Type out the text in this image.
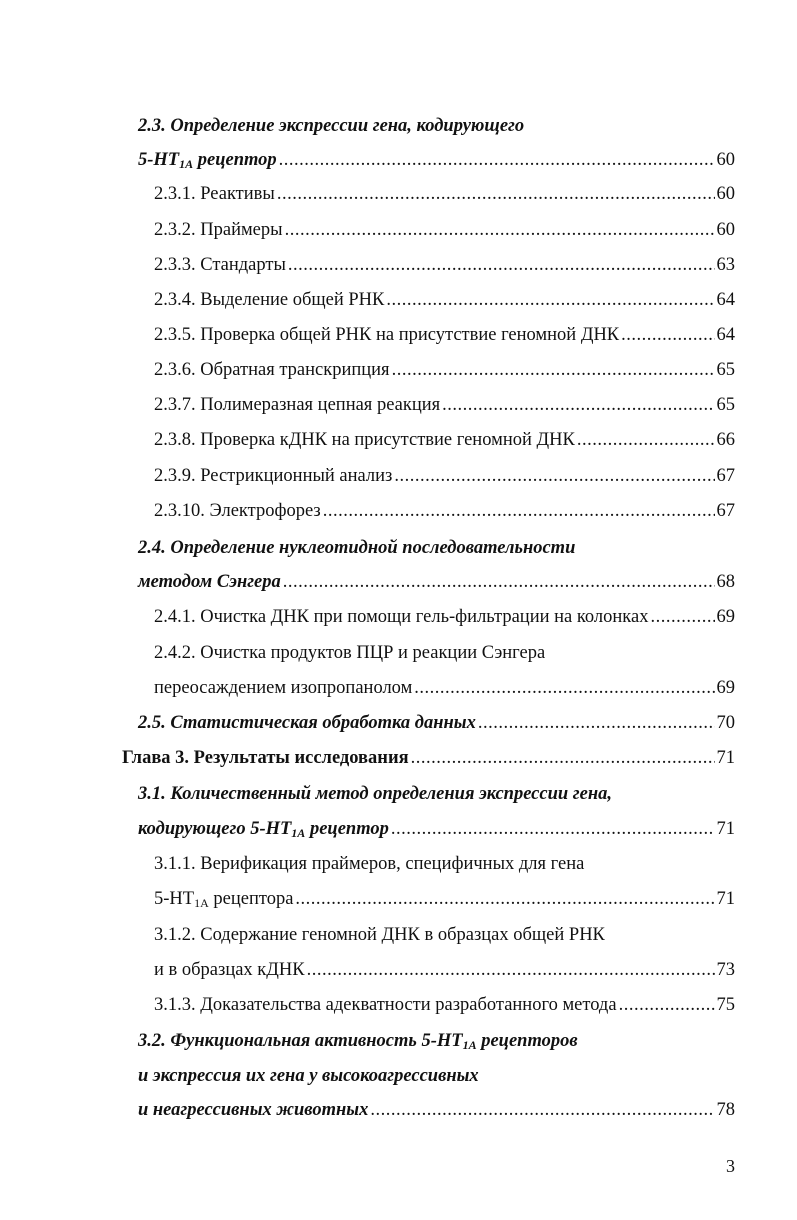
2.3. Определение экспрессии гена, кодирующего
$5-HT_{1A}$ рецептор .....	60
2.3.1. Реактивы .....	60
2.3.2. Праймеры .....	60
2.3.3. Стандарты .....	63
2.3.4. Выделение общей РНК .....	64
2.3.5. Проверка общей РНК на присутствие геномной ДНК .....	64
2.3.6. Обратная транскрипция .....	65
2.3.7. Полимеразная цепная реакция .....	65
2.3.8. Проверка кДНК на присутствие геномной ДНК .....	66
2.3.9. Рестрикционный анализ .....	67
2.3.10. Электрофорез .....	67
2.4. Определение нуклеотидной последовательности
методом Сэнгера .....	68
2.4.1. Очистка ДНК при помощи гель-фильтрации на колонках .....	69
2.4.2. Очистка продуктов ПЦР и реакции Сэнгера
переосаждением изопропанолом .....	69
2.5. Статистическая обработка данных .....	70
Глава 3. Результаты исследования .....	71
3.1. Количественный метод определения экспрессии гена,
кодирующего $5-HT_{1A}$ рецептор .....	71
3.1.1. Верификация праймеров, специфичных для гена
$5-HT_{1A}$ рецептора .....	71
3.1.2. Содержание геномной ДНК в образцах общей РНК
и в образцах кДНК .....	73
3.1.3. Доказательства адекватности разработанного метода .....	75
3.2. Функциональная активность $5-HT_{1A}$ рецепторов
и экспрессия их гена у высокоагрессивных
и неагрессивных животных .....	78
3
